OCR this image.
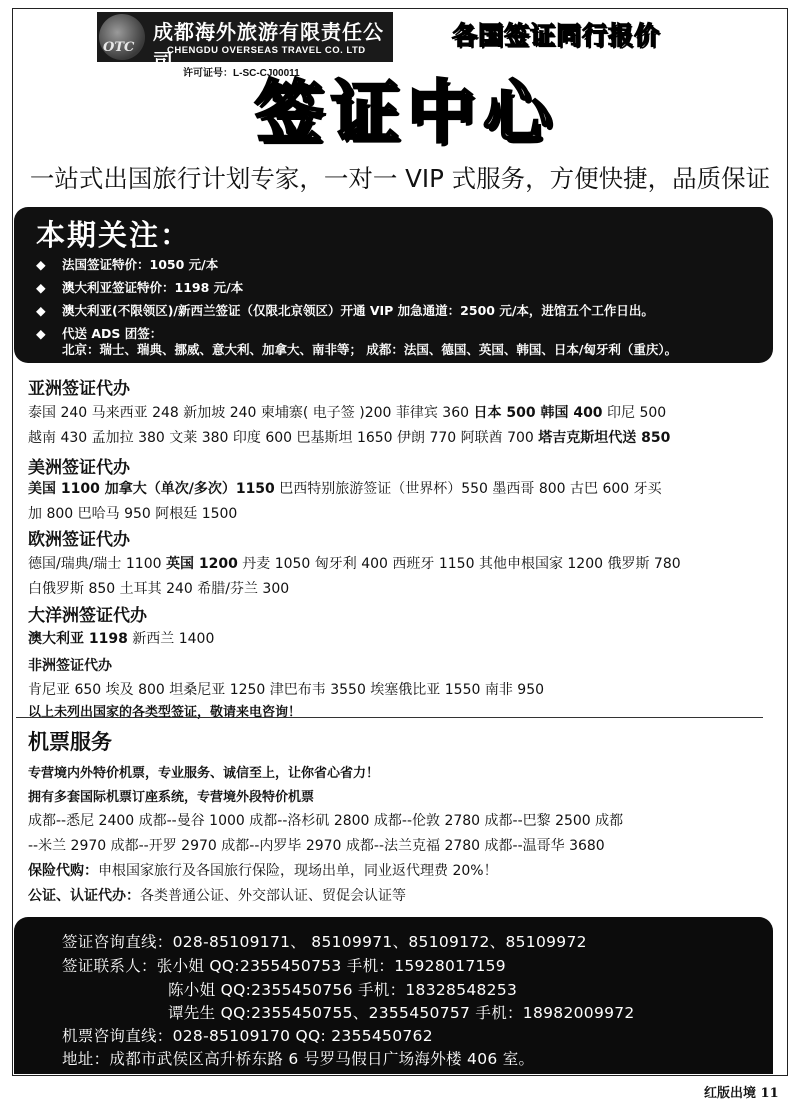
OTC
成都海外旅游有限责任公司
CHENGDU OVERSEAS TRAVEL CO. LTD
许可证号：L-SC-CJ00011
各国签证同行报价
签证中心
一站式出国旅行计划专家，一对一 VIP 式服务，方便快捷，品质保证
本期关注：
◆ 法国签证特价：1050 元/本
◆ 澳大利亚签证特价：1198 元/本
◆ 澳大利亚(不限领区)/新西兰签证（仅限北京领区）开通 VIP 加急通道：2500 元/本，进馆五个工作日出。
◆ 代送 ADS 团签：
北京：瑞士、瑞典、挪威、意大利、加拿大、南非等； 成都：法国、德国、英国、韩国、日本/匈牙利（重庆）。
亚洲签证代办
泰国 240 马来西亚 248 新加坡 240 柬埔寨( 电子签 )200 菲律宾 360 日本 500 韩国 400 印尼 500
越南 430 孟加拉 380 文莱 380 印度 600 巴基斯坦 1650 伊朗 770 阿联酋 700 塔吉克斯坦代送 850
美洲签证代办
美国 1100 加拿大（单次/多次）1150 巴西特别旅游签证（世界杯）550 墨西哥 800 古巴 600 牙买
加 800 巴哈马 950 阿根廷 1500
欧洲签证代办
德国/瑞典/瑞士 1100 英国 1200 丹麦 1050 匈牙利 400 西班牙 1150 其他申根国家 1200 俄罗斯 780
白俄罗斯 850 土耳其 240 希腊/芬兰 300
大洋洲签证代办
澳大利亚 1198 新西兰 1400
非洲签证代办
肯尼亚 650 埃及 800 坦桑尼亚 1250 津巴布韦 3550 埃塞俄比亚 1550 南非 950
以上未列出国家的各类型签证，敬请来电咨询！
机票服务
专营境内外特价机票，专业服务、诚信至上，让你省心省力！
拥有多套国际机票订座系统，专营境外段特价机票
成都--悉尼 2400 成都--曼谷 1000 成都--洛杉矶 2800 成都--伦敦 2780 成都--巴黎 2500 成都
--米兰 2970 成都--开罗 2970 成都--内罗毕 2970 成都--法兰克福 2780 成都--温哥华 3680
保险代购：申根国家旅行及各国旅行保险，现场出单，同业返代理费 20%！
公证、认证代办：各类普通公证、外交部认证、贸促会认证等
签证咨询直线：028-85109171、 85109971、85109172、85109972
签证联系人：张小姐 QQ:2355450753 手机：15928017159
陈小姐 QQ:2355450756 手机：18328548253
谭先生 QQ:2355450755、2355450757 手机：18982009972
机票咨询直线：028-85109170 QQ: 2355450762
地址：成都市武侯区高升桥东路 6 号罗马假日广场海外楼 406 室。
红版出境 11
